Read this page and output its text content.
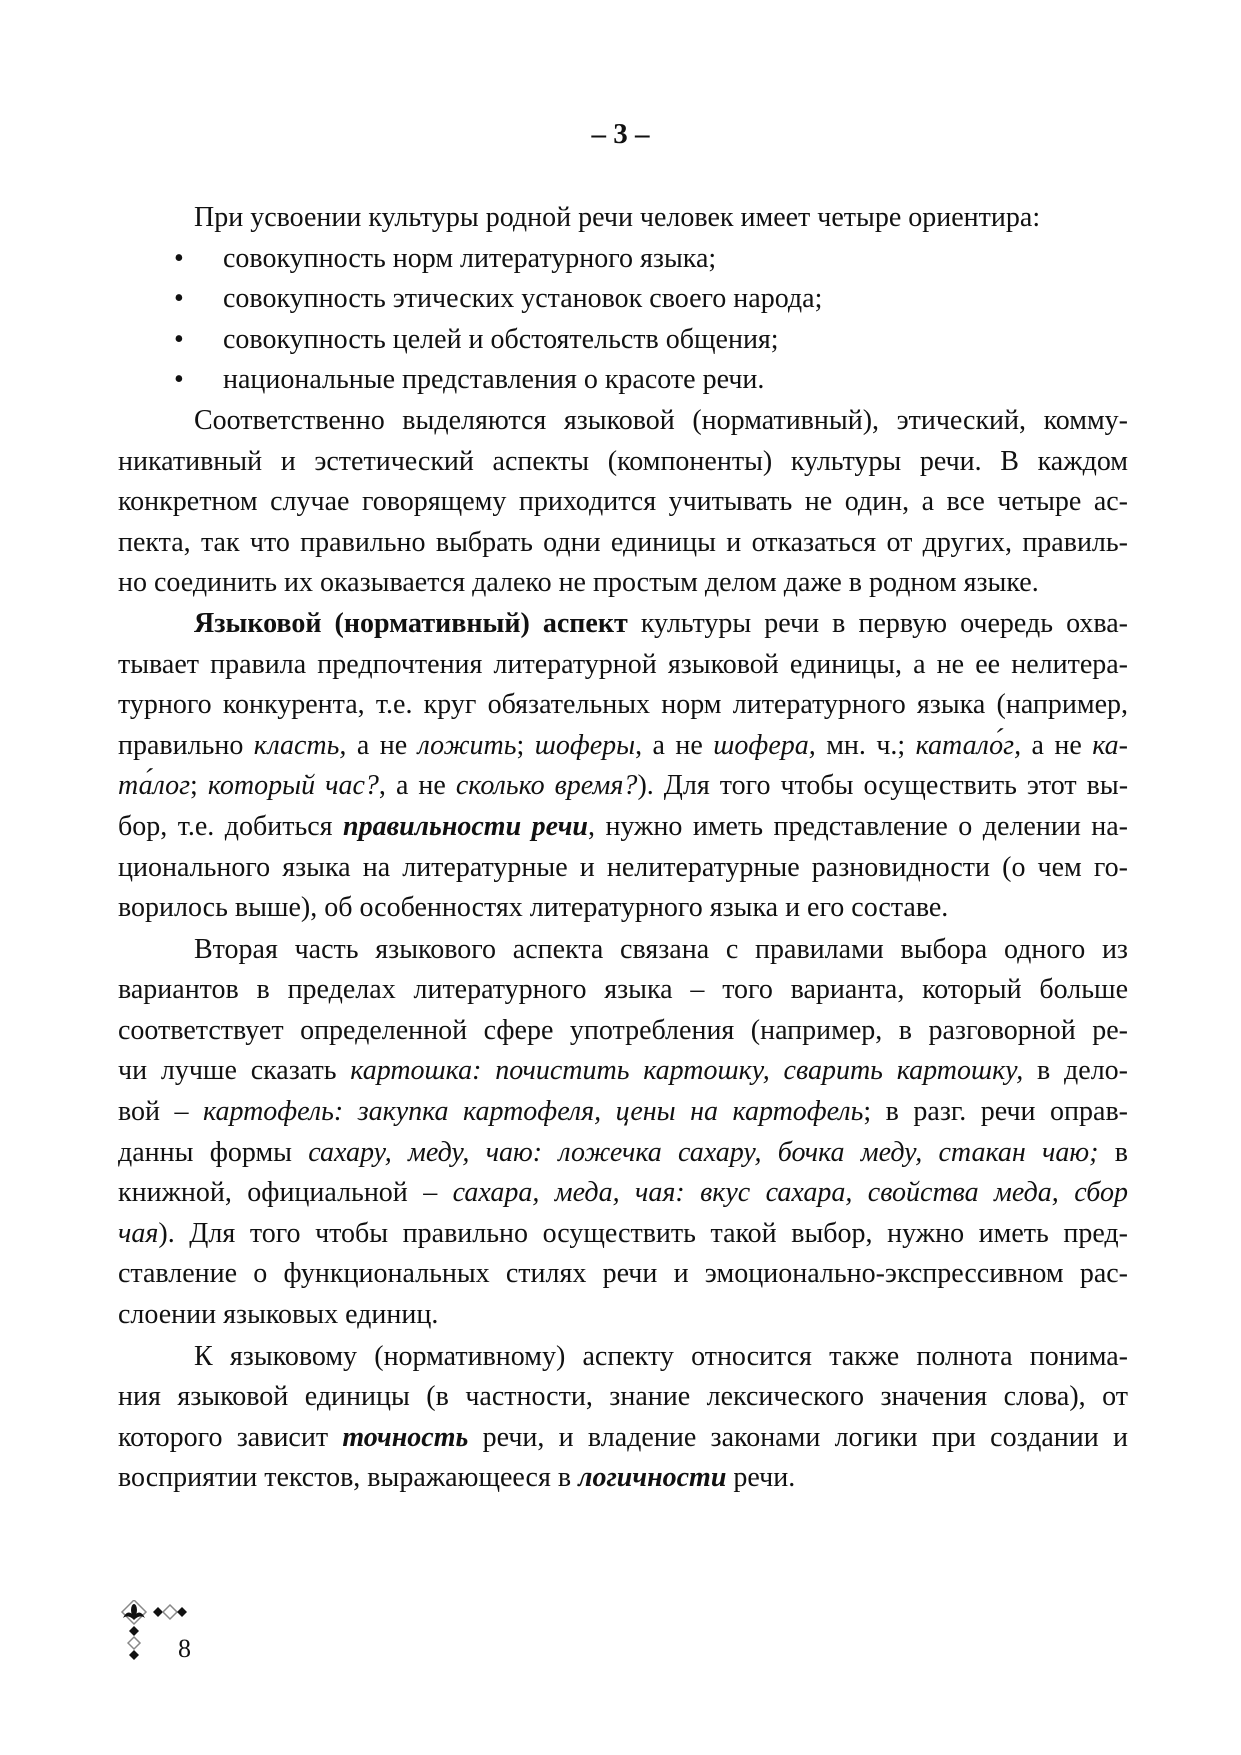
– 3 –
При усвоении культуры родной речи человек имеет четыре ориентира:
• совокупность норм литературного языка;
• совокупность этических установок своего народа;
• совокупность целей и обстоятельств общения;
• национальные представления о красоте речи.
Соответственно выделяются языковой (нормативный), этический, комму-
никативный и эстетический аспекты (компоненты) культуры речи. В каждом
конкретном случае говорящему приходится учитывать не один, а все четыре ас-
пекта, так что правильно выбрать одни единицы и отказаться от других, правиль-
но соединить их оказывается далеко не простым делом даже в родном языке.
Языковой (нормативный) аспект культуры речи в первую очередь охва-
тывает правила предпочтения литературной языковой единицы, а не ее нелитера-
турного конкурента, т.е. круг обязательных норм литературного языка (например,
правильно класть, а не ложить; шоферы, а не шофера, мн. ч.; катало́г, а не ка-
та́лог; который час?, а не сколько время?). Для того чтобы осуществить этот вы-
бор, т.е. добиться правильности речи, нужно иметь представление о делении на-
ционального языка на литературные и нелитературные разновидности (о чем го-
ворилось выше), об особенностях литературного языка и его составе.
Вторая часть языкового аспекта связана с правилами выбора одного из
вариантов в пределах литературного языка – того варианта, который больше
соответствует определенной сфере употребления (например, в разговорной ре-
чи лучше сказать картошка: почистить картошку, сварить картошку, в дело-
вой – картофель: закупка картофеля, цены на картофель; в разг. речи оправ-
данны формы сахару, меду, чаю: ложечка сахару, бочка меду, стакан чаю; в
книжной, официальной – сахара, меда, чая: вкус сахара, свойства меда, сбор
чая). Для того чтобы правильно осуществить такой выбор, нужно иметь пред-
ставление о функциональных стилях речи и эмоционально-экспрессивном рас-
слоении языковых единиц.
К языковому (нормативному) аспекту относится также полнота понима-
ния языковой единицы (в частности, знание лексического значения слова), от
которого зависит точность речи, и владение законами логики при создании и
восприятии текстов, выражающееся в логичности речи.
8
